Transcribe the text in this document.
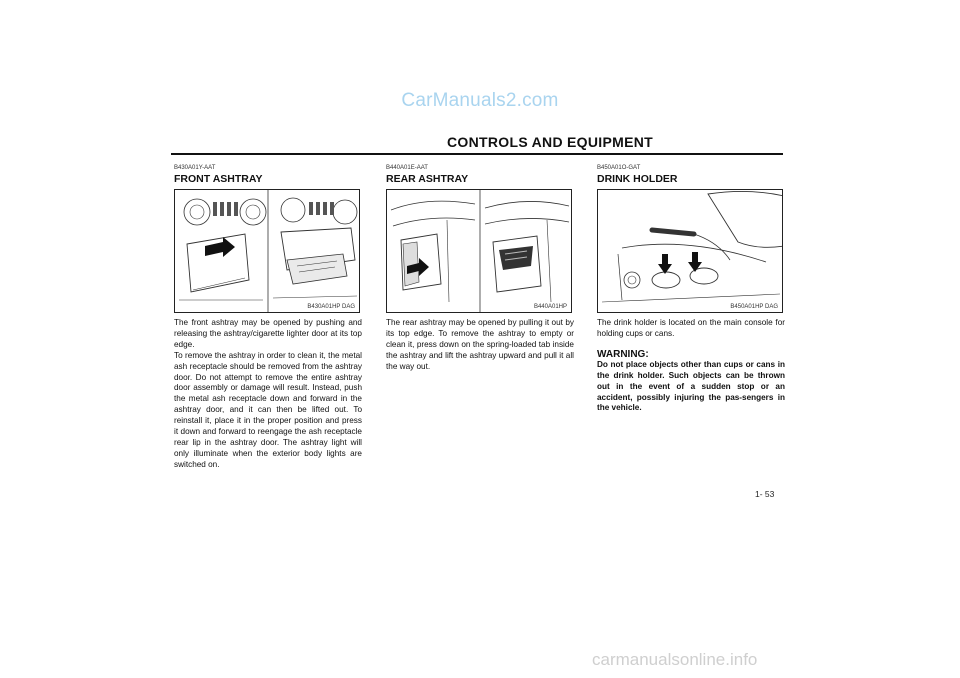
CarManuals2.com
CONTROLS AND EQUIPMENT
B430A01Y-AAT
FRONT ASHTRAY
B430A01HP DAG
The front ashtray may be opened by pushing and releasing the ashtray/cigarette lighter door at its top edge.
To remove the ashtray in order to clean it, the metal ash receptacle should be removed from the ashtray door. Do not attempt to remove the entire ashtray door assembly or damage will result. Instead, push the metal ash receptacle down and forward in the ashtray door, and it can then be lifted out. To reinstall it, place it in the proper position and press it down and forward to reengage the ash receptacle rear lip in the ashtray door. The ashtray light will only illuminate when the exterior body lights are switched on.
B440A01E-AAT
REAR ASHTRAY
B440A01HP
The rear ashtray may be opened by pulling it out by its top edge. To remove the ashtray to empty or clean it, press down on the spring-loaded tab inside the ashtray and lift the ashtray upward and pull it all the way out.
B450A01O-GAT
DRINK HOLDER
B450A01HP DAG
The drink holder is located on the main console for holding cups or cans.
WARNING:
Do not place objects other than cups or cans in the drink holder. Such objects can be thrown out in the event of a sudden stop or an accident, possibly injuring the pas-sengers in the vehicle.
1- 53
carmanualsonline.info
